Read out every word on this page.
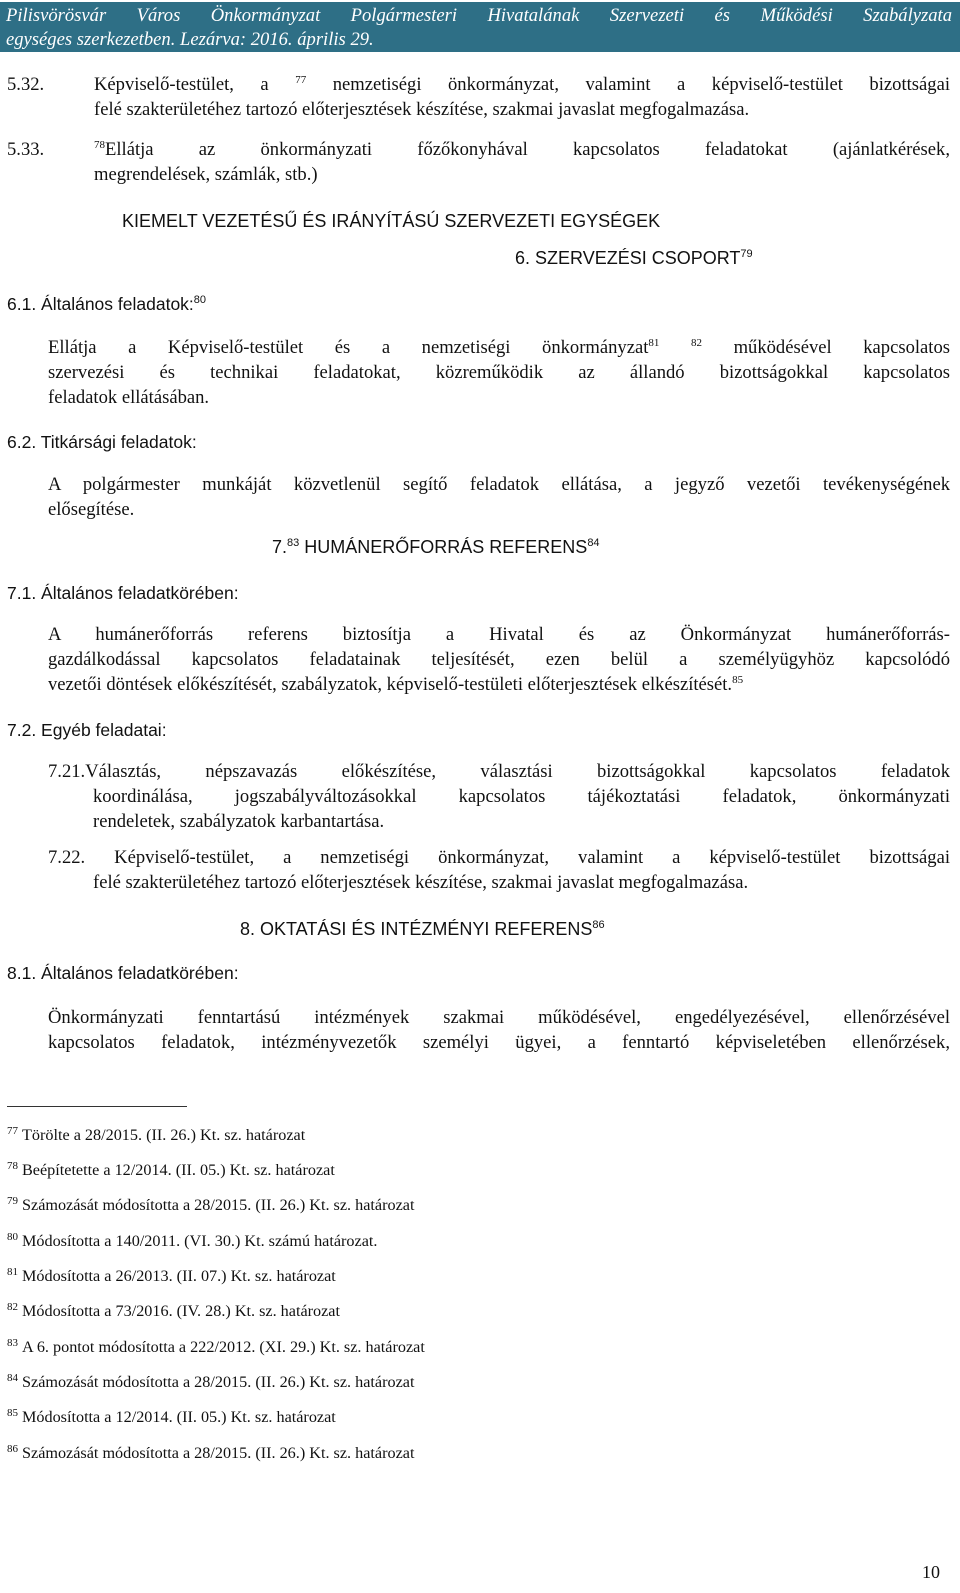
Pilisvörösvár Város Önkormányzat Polgármesteri Hivatalának Szervezeti és Működési Szabályzata
egységes szerkezetben. Lezárva: 2016. április 29.
5.32.	Képviselő-testület, a $^{77}$ nemzetiségi önkormányzat, valamint a képviselő-testület bizottságai
felé szakterületéhez tartozó előterjesztések készítése, szakmai javaslat megfogalmazása.
5.33.	$^{78}$Ellátja az önkormányzati főzőkonyhával kapcsolatos feladatokat (ajánlatkérések,
megrendelések, számlák, stb.)
KIEMELT VEZETÉSŰ ÉS IRÁNYÍTÁSÚ SZERVEZETI EGYSÉGEK
6. SZERVEZÉSI CSOPORT$^{79}$
6.1. Általános feladatok:$^{80}$
Ellátja a Képviselő-testület és a nemzetiségi önkormányzat$^{81}$	$^{82}$ működésével kapcsolatos
szervezési és technikai feladatokat, közreműködik az állandó bizottságokkal kapcsolatos
feladatok ellátásában.
6.2. Titkársági feladatok:
A polgármester munkáját közvetlenül segítő feladatok ellátása, a jegyző vezetői tevékenységének
elősegítése.
7.83 HUMÁNERŐFORRÁS REFERENS$^{84}$
7.1. Általános feladatkörében:
A humánerőforrás referens biztosítja a Hivatal és az Önkormányzat humánerőforrás-
gazdálkodással kapcsolatos feladatainak teljesítését, ezen belül a személyügyhöz kapcsolódó
vezetői döntések előkészítését, szabályzatok, képviselő-testületi előterjesztések elkészítését.$^{85}$
7.2. Egyéb feladatai:
7.21.Választás, népszavazás előkészítése, választási bizottságokkal kapcsolatos feladatok
koordinálása, jogszabályváltozásokkal kapcsolatos tájékoztatási feladatok, önkormányzati
rendeletek, szabályzatok karbantartása.
7.22. Képviselő-testület, a nemzetiségi önkormányzat, valamint a képviselő-testület bizottságai
felé szakterületéhez tartozó előterjesztések készítése, szakmai javaslat megfogalmazása.
8. OKTATÁSI ÉS INTÉZMÉNYI REFERENS$^{86}$
8.1. Általános feladatkörében:
Önkormányzati fenntartású intézmények szakmai működésével, engedélyezésével, ellenőrzésével
kapcsolatos feladatok, intézményvezetők személyi ügyei, a fenntartó képviseletében ellenőrzések,
$^{77}$ Törölte a 28/2015. (II. 26.) Kt. sz. határozat
$^{78}$ Beépítetette a 12/2014. (II. 05.) Kt. sz. határozat
$^{79}$ Számozását módosította a 28/2015. (II. 26.) Kt. sz. határozat
$^{80}$ Módosította a 140/2011. (VI. 30.) Kt. számú határozat.
$^{81}$ Módosította a 26/2013. (II. 07.) Kt. sz. határozat
$^{82}$ Módosította a 73/2016. (IV. 28.) Kt. sz. határozat
$^{83}$ A 6. pontot módosította a 222/2012. (XI. 29.) Kt. sz. határozat
$^{84}$ Számozását módosította a 28/2015. (II. 26.) Kt. sz. határozat
$^{85}$ Módosította a 12/2014. (II. 05.) Kt. sz. határozat
$^{86}$ Számozását módosította a 28/2015. (II. 26.) Kt. sz. határozat
10
